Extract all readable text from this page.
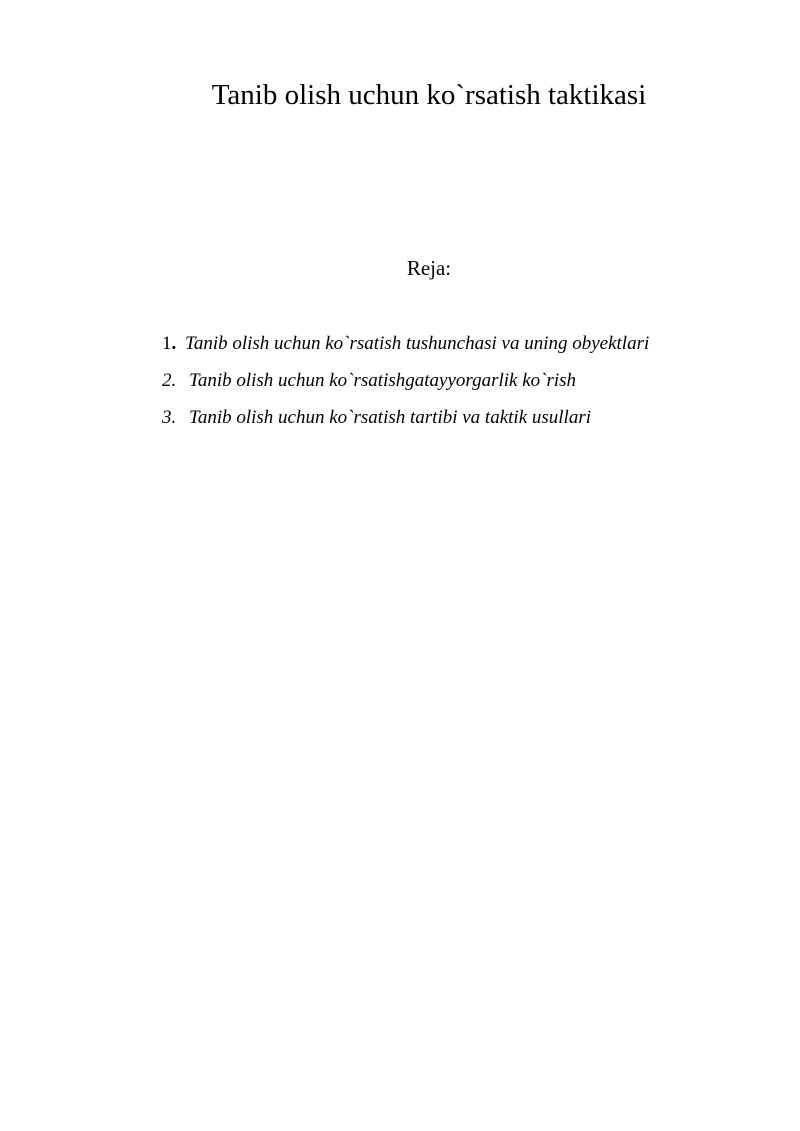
Tanib olish uchun ko`rsatish taktikasi
Reja:
1. Tanib olish uchun ko`rsatish tushunchasi va uning obyektlari
2. Tanib olish uchun ko`rsatishgatayyorgarlik ko`rish
3. Tanib olish uchun ko`rsatish tartibi va taktik usullari
